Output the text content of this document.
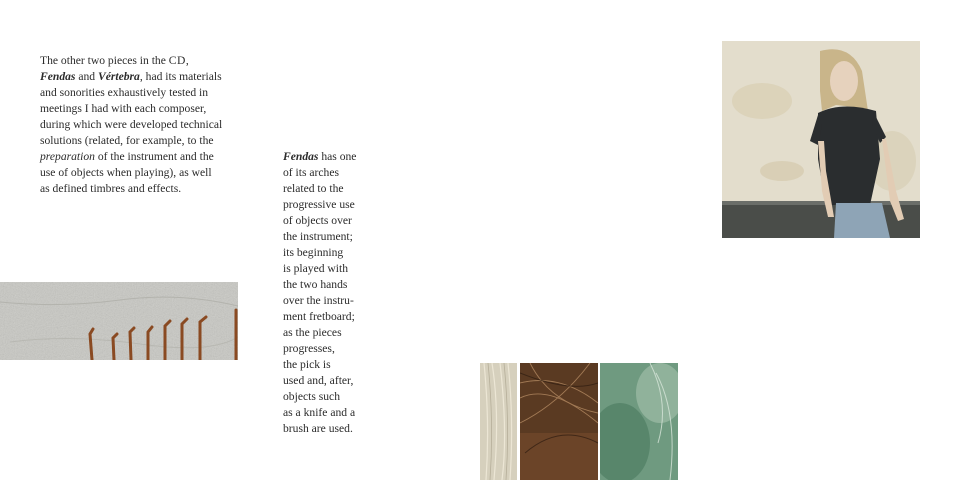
The other two pieces in the CD,
Fendas and Vértebra, had its materials
and sonorities exhaustively tested in
meetings I had with each composer,
during which were developed technical
solutions (related, for example, to the
preparation of the instrument and the
use of objects when playing), as well
as defined timbres and effects.

Fendas has one
of its arches
related to the
progressive use
of objects over
the instrument;
its beginning
is played with
the two hands
over the instru-
ment fretboard;
as the pieces
progresses,
the pick is
used and, after,
objects such
as a knife and a
brush are used.
